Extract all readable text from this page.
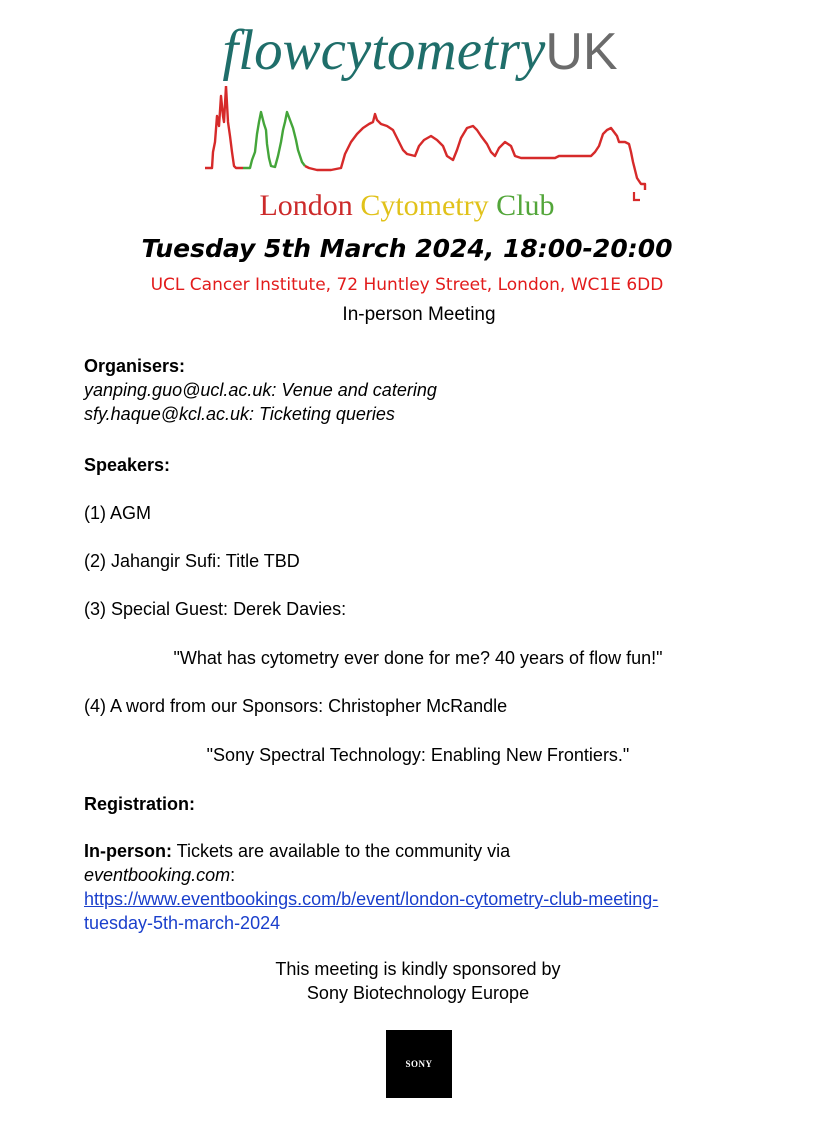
flowcytometryUK
London Cytometry Club
Tuesday 5th March 2024, 18:00-20:00
UCL Cancer Institute, 72 Huntley Street, London, WC1E 6DD
In-person Meeting
Organisers:
yanping.guo@ucl.ac.uk: Venue and catering
sfy.haque@kcl.ac.uk: Ticketing queries
Speakers:
(1) AGM
(2) Jahangir Sufi: Title TBD
(3) Special Guest: Derek Davies:
"What has cytometry ever done for me? 40 years of flow fun!"
(4) A word from our Sponsors: Christopher McRandle
"Sony Spectral Technology: Enabling New Frontiers."
Registration:
In-person: Tickets are available to the community via
eventbooking.com:
https://www.eventbookings.com/b/event/london-cytometry-club-meeting-
tuesday-5th-march-2024
This meeting is kindly sponsored by
Sony Biotechnology Europe
SONY
